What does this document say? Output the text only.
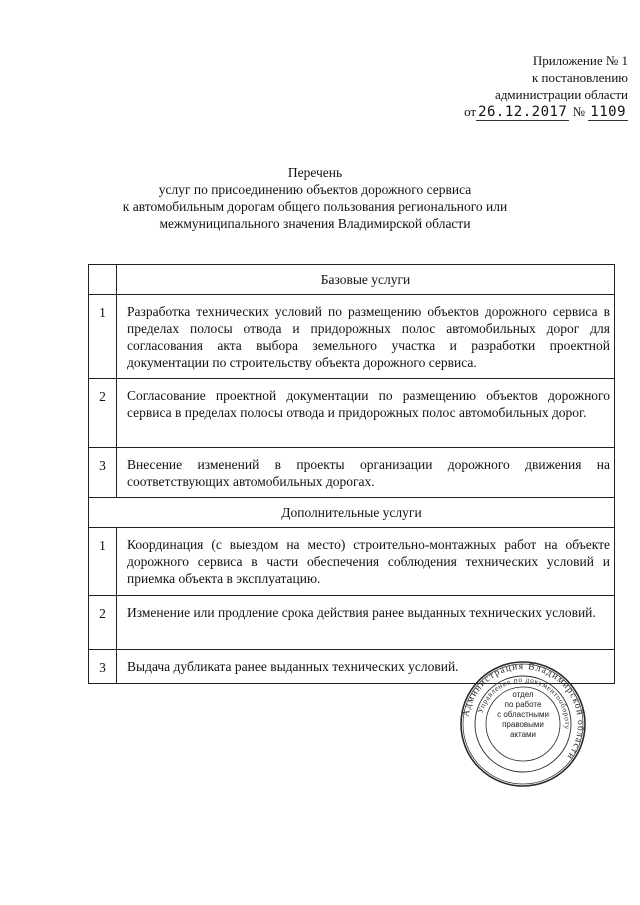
Приложение № 1
к постановлению
администрации области
от 26.12.2017 № 1109
Перечень
услуг по присоединению объектов дорожного сервиса
к автомобильным дорогам общего пользования регионального или
межмуниципального значения Владимирской области
	Базовые услуги
1	Разработка технических условий по размещению объектов дорожного сервиса в пределах полосы отвода и придорожных полос автомобильных дорог для согласования акта выбора земельного участка и разработки проектной документации по строительству объекта дорожного сервиса.
2	Согласование проектной документации по размещению объектов дорожного сервиса в пределах полосы отвода и придорожных полос автомобильных дорог.
3	Внесение изменений в проекты организации дорожного движения на соответствующих автомобильных дорогах.
Дополнительные услуги	
1	Координация (с выездом на место) строительно-монтажных работ на объекте дорожного сервиса в части обеспечения соблюдения технических условий и приемка объекта в эксплуатацию.
2	Изменение или продление срока действия ранее выданных технических условий.
3	Выдача дубликата ранее выданных технических условий.
Администрация Владимирской области
Управление по документообороту
отдел
по работе
с областными
правовыми
актами
